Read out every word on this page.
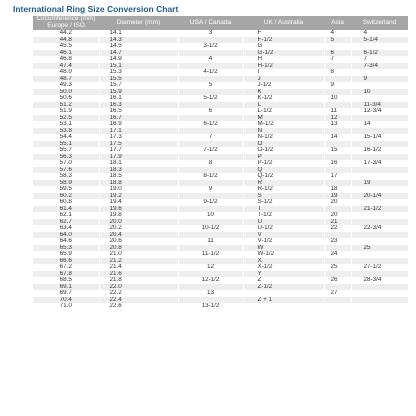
International Ring Size Conversion Chart
Circumference (mm) Europe / ISO	Diameter (mm)	USA / Canada	UK / Australia	Asia	Switzerland
44.2	14.1	3	F	4	4
44.8	14.3		F-1/2	5	5-1/4
45.5	14.5	3-1/2	G		
46.1	14.7		G-1/2	6	6-1/2
46.8	14.9	4	H	7	7
47.4	15.1		H-1/2		7-3/4
48.0	15.3	4-1/2	I	8	
48.7	15.5		J		9
49.3	15.7	5	J-1/2	9	
50.0	15.9		K		10
50.6	16.1	5-1/2	K-1/2	10	
51.2	16.3		L		11-3/4
51.9	16.5	6	L-1/2	11	12-3/4
52.5	16.7		M	12	
53.1	16.9	6-1/2	M-1/2	13	14
53.8	17.1		N		
54.4	17.3	7	N-1/2	14	15-1/4
55.1	17.5		O		
55.7	17.7	7-1/2	O-1/2	15	16-1/2
56.3	17.9		P		
57.0	18.1	8	P-1/2	16	17-3/4
57.6	18.3		Q		
58.3	18.5	8-1/2	Q-1/2	17	
58.9	18.8		R		19
59.5	19.0	9	R-1/2	18	
60.2	19.2		S	19	20-1/4
60.8	19.4	9-1/2	S-1/2	20	
61.4	19.6		T		21-1/2
62.1	19.8	10	T-1/2	20	
62.7	20.0		U	21	
63.4	20.2	10-1/2	U-1/2	22	22-3/4
64.0	20.4		V		
64.6	20.6	11	V-1/2	23	
65.3	20.8		W		25
65.9	21.0	11-1/2	W-1/2	24	
66.6	21.2		X		
67.2	21.4	12	X-1/2	25	27-1/2
67.8	21.6		Y		
68.5	21.8	12-1/2	Z	26	28-3/4
69.1	22.0		Z-1/2		
69.7	22.2	13		27	
70.4	22.4		Z + 1		
71.0	22.6	13-1/2			
